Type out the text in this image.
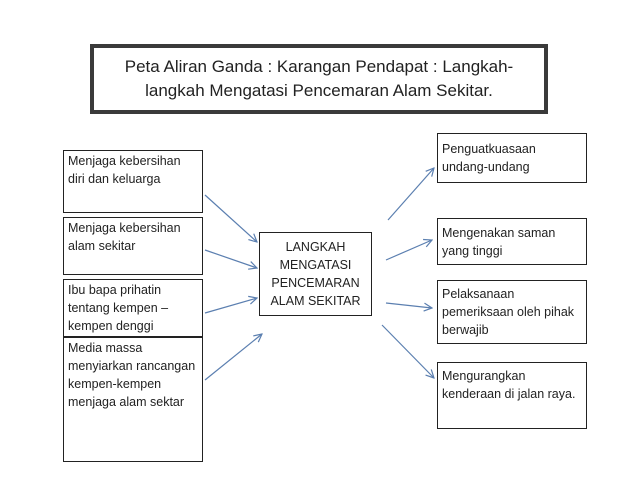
Peta Aliran Ganda : Karangan Pendapat : Langkah-langkah Mengatasi Pencemaran Alam Sekitar.
Menjaga kebersihan diri dan keluarga
Menjaga kebersihan alam sekitar
Ibu bapa prihatin tentang kempen – kempen denggi
Media massa menyiarkan rancangan kempen-kempen menjaga alam sektar
LANGKAH MENGATASI PENCEMARAN ALAM SEKITAR
Penguatkuasaan undang-undang
Mengenakan saman yang tinggi
Pelaksanaan pemeriksaan oleh pihak berwajib
Mengurangkan kenderaan di jalan raya.
